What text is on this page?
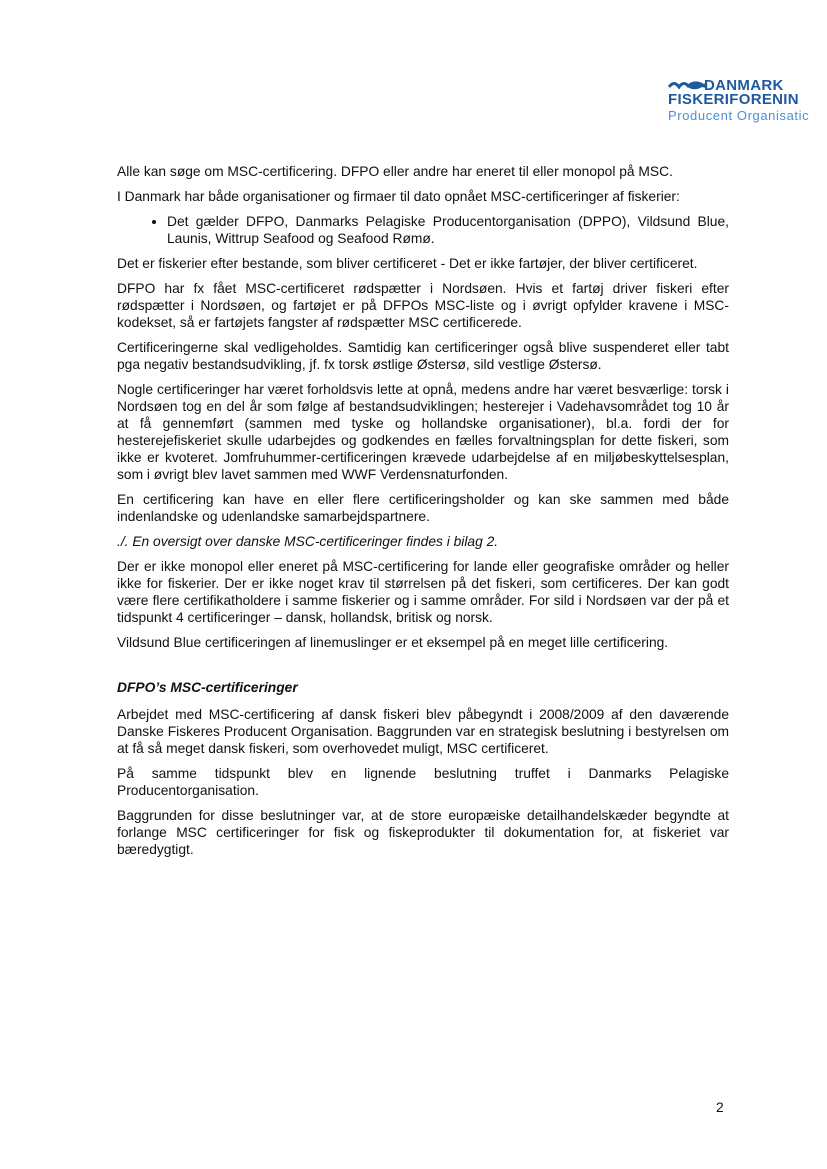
DANMARK
FISKERIFORENIN
Producent Organisatic

Alle kan søge om MSC-certificering. DFPO eller andre har eneret til eller monopol på MSC.

I Danmark har både organisationer og firmaer til dato opnået MSC-certificeringer af fiskerier:

• Det gælder DFPO, Danmarks Pelagiske Producentorganisation (DPPO), Vildsund Blue, Launis, Wittrup Seafood og Seafood Rømø.

Det er fiskerier efter bestande, som bliver certificeret - Det er ikke fartøjer, der bliver certificeret.

DFPO har fx fået MSC-certificeret rødspætter i Nordsøen. Hvis et fartøj driver fiskeri efter rødspætter i Nordsøen, og fartøjet er på DFPOs MSC-liste og i øvrigt opfylder kravene i MSC-kodekset, så er fartøjets fangster af rødspætter MSC certificerede.

Certificeringerne skal vedligeholdes. Samtidig kan certificeringer også blive suspenderet eller tabt pga negativ bestandsudvikling, jf. fx torsk østlige Østersø, sild vestlige Østersø.

Nogle certificeringer har været forholdsvis lette at opnå, medens andre har været besværlige: torsk i Nordsøen tog en del år som følge af bestandsudviklingen; hesterejer i Vadehavsområdet tog 10 år at få gennemført (sammen med tyske og hollandske organisationer), bl.a. fordi der for hesterejefiskeriet skulle udarbejdes og godkendes en fælles forvaltningsplan for dette fiskeri, som ikke er kvoteret. Jomfruhummer-certificeringen krævede udarbejdelse af en miljøbeskyttelsesplan, som i øvrigt blev lavet sammen med WWF Verdensnaturfonden.

En certificering kan have en eller flere certificeringsholder og kan ske sammen med både indenlandske og udenlandske samarbejdspartnere.

./. En oversigt over danske MSC-certificeringer findes i bilag 2.

Der er ikke monopol eller eneret på MSC-certificering for lande eller geografiske områder og heller ikke for fiskerier. Der er ikke noget krav til størrelsen på det fiskeri, som certificeres. Der kan godt være flere certifikatholdere i samme fiskerier og i samme områder. For sild i Nordsøen var der på et tidspunkt 4 certificeringer – dansk, hollandsk, britisk og norsk.

Vildsund Blue certificeringen af linemuslinger er et eksempel på en meget lille certificering.

DFPO’s MSC-certificeringer

Arbejdet med MSC-certificering af dansk fiskeri blev påbegyndt i 2008/2009 af den daværende Danske Fiskeres Producent Organisation. Baggrunden var en strategisk beslutning i bestyrelsen om at få så meget dansk fiskeri, som overhovedet muligt, MSC certificeret.

På samme tidspunkt blev en lignende beslutning truffet i Danmarks Pelagiske Producentorganisation.

Baggrunden for disse beslutninger var, at de store europæiske detailhandelskæder begyndte at forlange MSC certificeringer for fisk og fiskeprodukter til dokumentation for, at fiskeriet var bæredygtigt.

2
